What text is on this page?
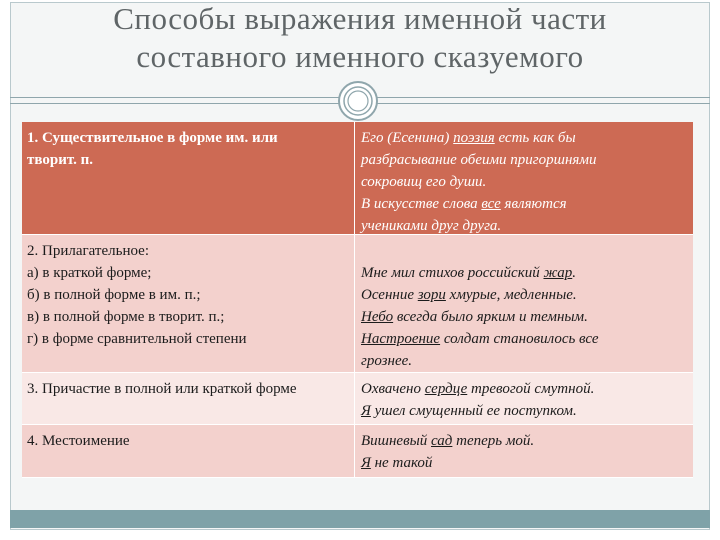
Способы выражения именной части
составного именного сказуемого
1. Существительное в форме им. или
творит. п.
Его (Есенина) поэзия есть как бы
разбрасывание обеими пригоршнями
сокровищ его души.
В искусстве слова все являются
учениками друг друга.
2. Прилагательное:
а) в краткой форме;
б) в полной форме в им. п.;
в) в полной форме в творит. п.;
г) в форме сравнительной степени
Мне мил стихов российский жар.
Осенние зори хмурые, медленные.
Небо всегда было ярким и темным.
Настроение солдат становилось все
грознее.
3. Причастие в полной или краткой форме	Охвачено сердце тревогой смутной.
Я ушел смущенный ее поступком.
4. Местоимение	Вишневый сад теперь мой.
Я не такой
